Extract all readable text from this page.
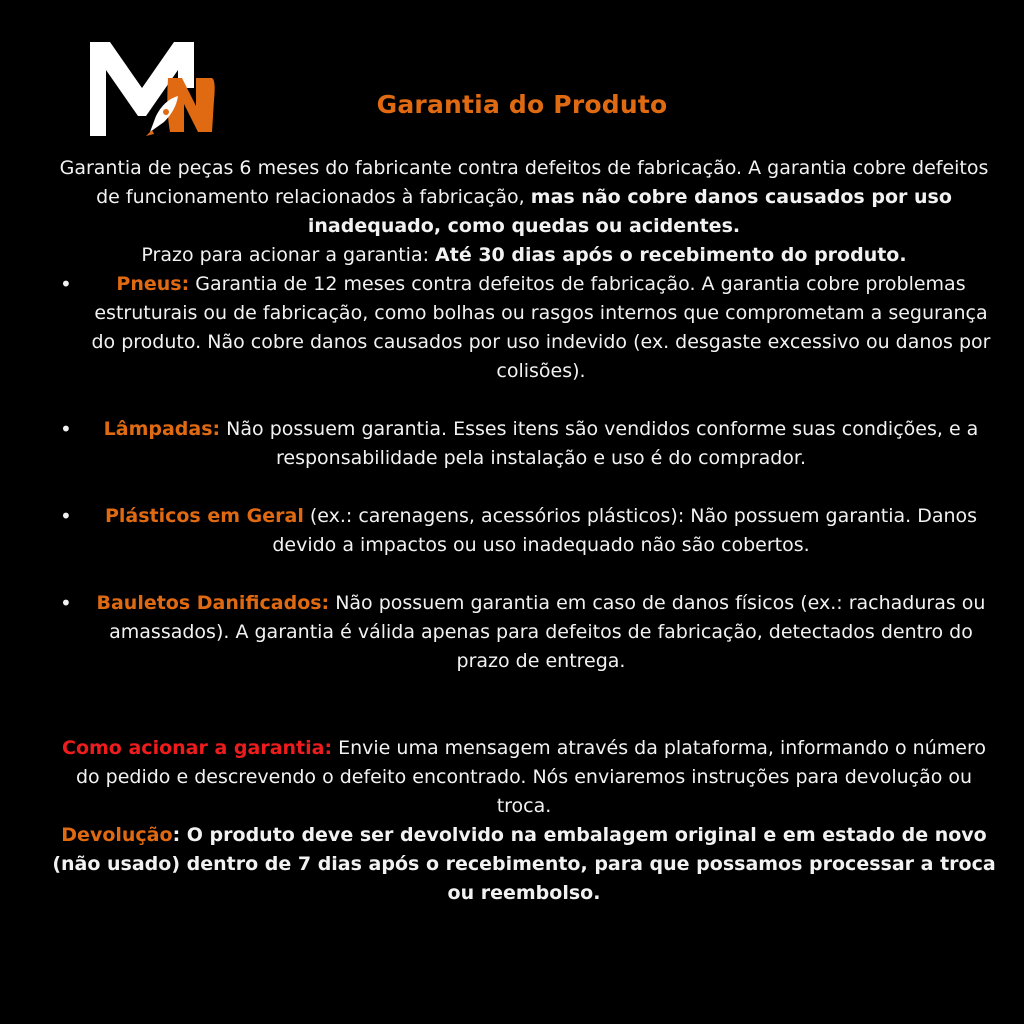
Garantia do Produto

Garantia de peças 6 meses do fabricante contra defeitos de fabricação. A garantia cobre defeitos de funcionamento relacionados à fabricação, mas não cobre danos causados por uso inadequado, como quedas ou acidentes.

Prazo para acionar a garantia: Até 30 dias após o recebimento do produto.

• Pneus: Garantia de 12 meses contra defeitos de fabricação. A garantia cobre problemas estruturais ou de fabricação, como bolhas ou rasgos internos que comprometam a segurança do produto. Não cobre danos causados por uso indevido (ex. desgaste excessivo ou danos por colisões).
• Lâmpadas: Não possuem garantia. Esses itens são vendidos conforme suas condições, e a responsabilidade pela instalação e uso é do comprador.
• Plásticos em Geral (ex.: carenagens, acessórios plásticos): Não possuem garantia. Danos devido a impactos ou uso inadequado não são cobertos.
• Bauletos Danificados: Não possuem garantia em caso de danos físicos (ex.: rachaduras ou amassados). A garantia é válida apenas para defeitos de fabricação, detectados dentro do prazo de entrega.

Como acionar a garantia: Envie uma mensagem através da plataforma, informando o número do pedido e descrevendo o defeito encontrado. Nós enviaremos instruções para devolução ou troca.

Devolução: O produto deve ser devolvido na embalagem original e em estado de novo (não usado) dentro de 7 dias após o recebimento, para que possamos processar a troca ou reembolso.
